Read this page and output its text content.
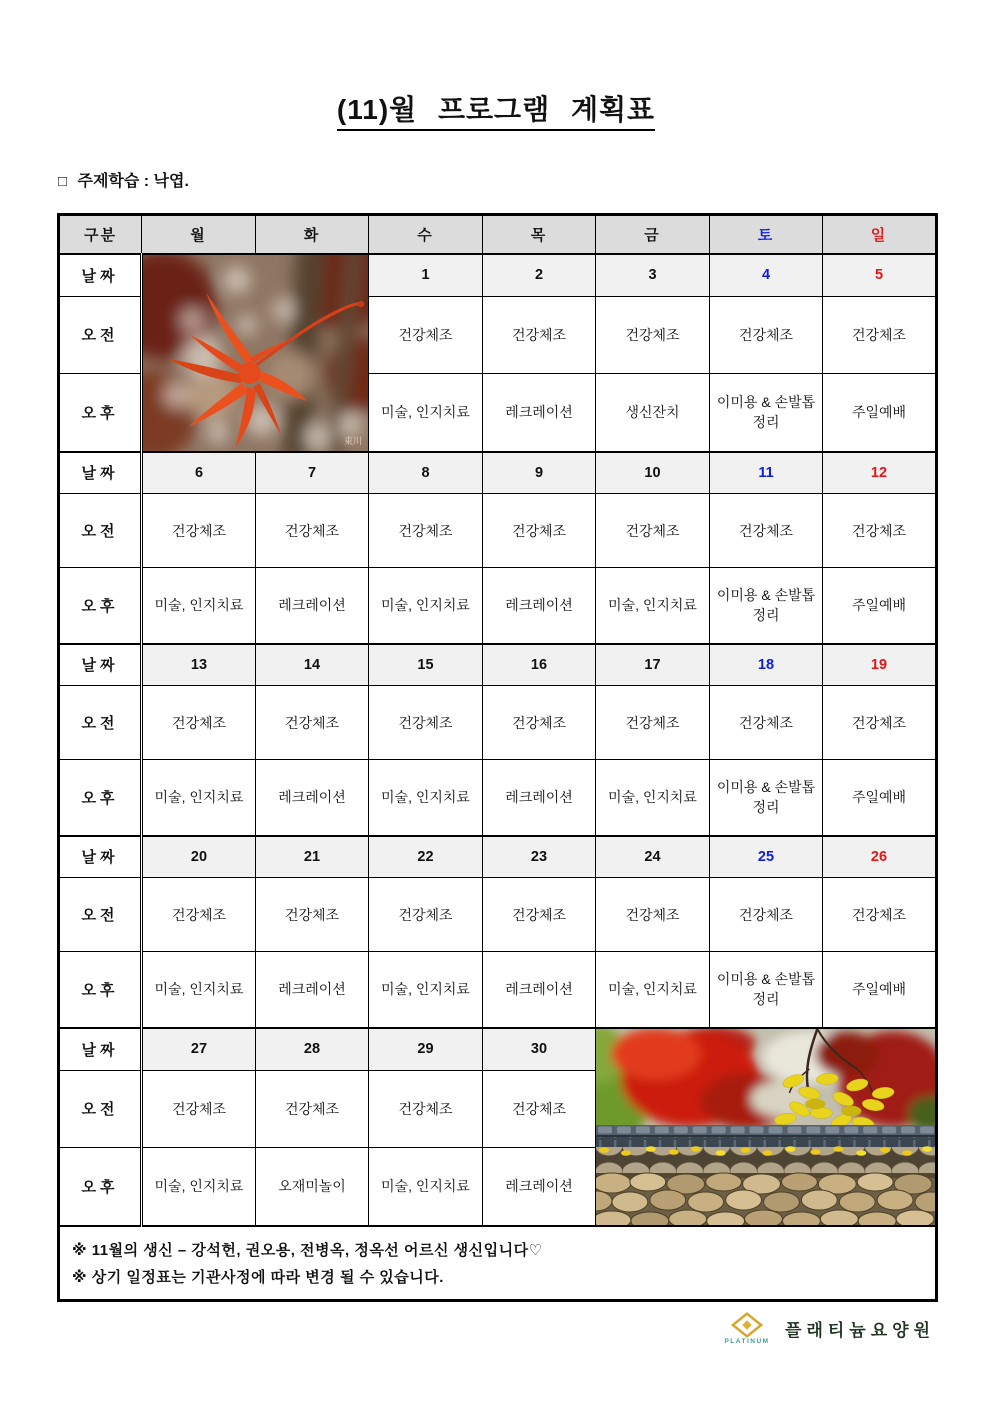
(11)월 프로그램 계획표
□ 주제학습 : 낙엽.
구분	월	화	수	목	금	토	일
날짜	東川		1	2	3	4	5
오전			건강체조	건강체조	건강체조	건강체조	건강체조
오후			미술, 인지치료	레크레이션	생신잔치	이미용 & 손발톱정리	주일예배
날짜	6	7	8	9	10	11	12
오전	건강체조	건강체조	건강체조	건강체조	건강체조	건강체조	건강체조
오후	미술, 인지치료	레크레이션	미술, 인지치료	레크레이션	미술, 인지치료	이미용 & 손발톱정리	주일예배
날짜	13	14	15	16	17	18	19
오전	건강체조	건강체조	건강체조	건강체조	건강체조	건강체조	건강체조
오후	미술, 인지치료	레크레이션	미술, 인지치료	레크레이션	미술, 인지치료	이미용 & 손발톱정리	주일예배
날짜	20	21	22	23	24	25	26
오전	건강체조	건강체조	건강체조	건강체조	건강체조	건강체조	건강체조
오후	미술, 인지치료	레크레이션	미술, 인지치료	레크레이션	미술, 인지치료	이미용 & 손발톱정리	주일예배
날짜	27	28	29	30	

오전	건강체조	건강체조	건강체조	건강체조			
오후	미술, 인지치료	오재미놀이	미술, 인지치료	레크레이션			

※ 11월의 생신 – 강석헌, 권오용, 전병옥, 정옥선 어르신 생신입니다♡

※ 상기 일정표는 기관사정에 따라 변경 될 수 있습니다.							

PLATINUM
플래티늄요양원
